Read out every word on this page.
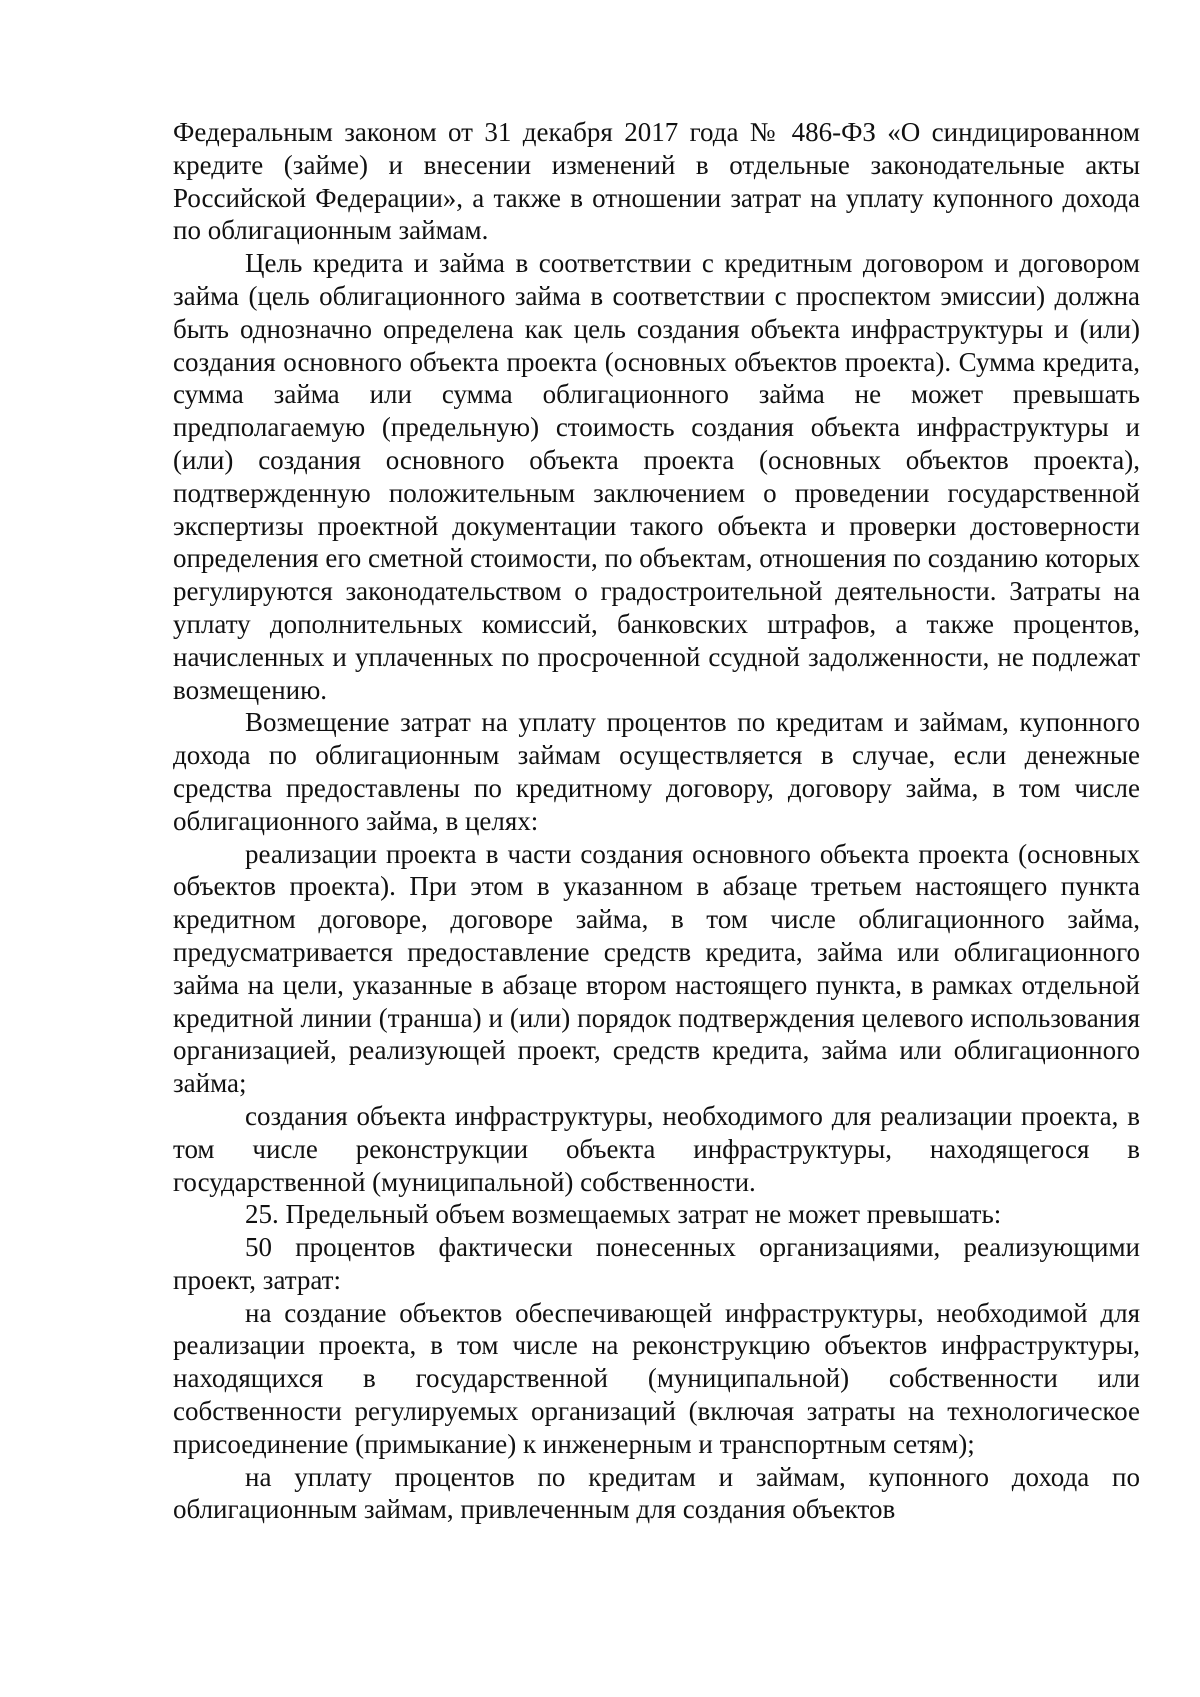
Федеральным законом от 31 декабря 2017 года № 486-ФЗ «О синдицированном кредите (займе) и внесении изменений в отдельные законодательные акты Российской Федерации», а также в отношении затрат на уплату купонного дохода по облигационным займам.

Цель кредита и займа в соответствии с кредитным договором и договором займа (цель облигационного займа в соответствии с проспектом эмиссии) должна быть однозначно определена как цель создания объекта инфраструктуры и (или) создания основного объекта проекта (основных объектов проекта). Сумма кредита, сумма займа или сумма облигационного займа не может превышать предполагаемую (предельную) стоимость создания объекта инфраструктуры и (или) создания основного объекта проекта (основных объектов проекта), подтвержденную положительным заключением о проведении государственной экспертизы проектной документации такого объекта и проверки достоверности определения его сметной стоимости, по объектам, отношения по созданию которых регулируются законодательством о градостроительной деятельности. Затраты на уплату дополнительных комиссий, банковских штрафов, а также процентов, начисленных и уплаченных по просроченной ссудной задолженности, не подлежат возмещению.

Возмещение затрат на уплату процентов по кредитам и займам, купонного дохода по облигационным займам осуществляется в случае, если денежные средства предоставлены по кредитному договору, договору займа, в том числе облигационного займа, в целях:

реализации проекта в части создания основного объекта проекта (основных объектов проекта). При этом в указанном в абзаце третьем настоящего пункта кредитном договоре, договоре займа, в том числе облигационного займа, предусматривается предоставление средств кредита, займа или облигационного займа на цели, указанные в абзаце втором настоящего пункта, в рамках отдельной кредитной линии (транша) и (или) порядок подтверждения целевого использования организацией, реализующей проект, средств кредита, займа или облигационного займа;

создания объекта инфраструктуры, необходимого для реализации проекта, в том числе реконструкции объекта инфраструктуры, находящегося в государственной (муниципальной) собственности.

25. Предельный объем возмещаемых затрат не может превышать:

50 процентов фактически понесенных организациями, реализующими проект, затрат:

на создание объектов обеспечивающей инфраструктуры, необходимой для реализации проекта, в том числе на реконструкцию объектов инфраструктуры, находящихся в государственной (муниципальной) собственности или собственности регулируемых организаций (включая затраты на технологическое присоединение (примыкание) к инженерным и транспортным сетям);

на уплату процентов по кредитам и займам, купонного дохода по облигационным займам, привлеченным для создания объектов
